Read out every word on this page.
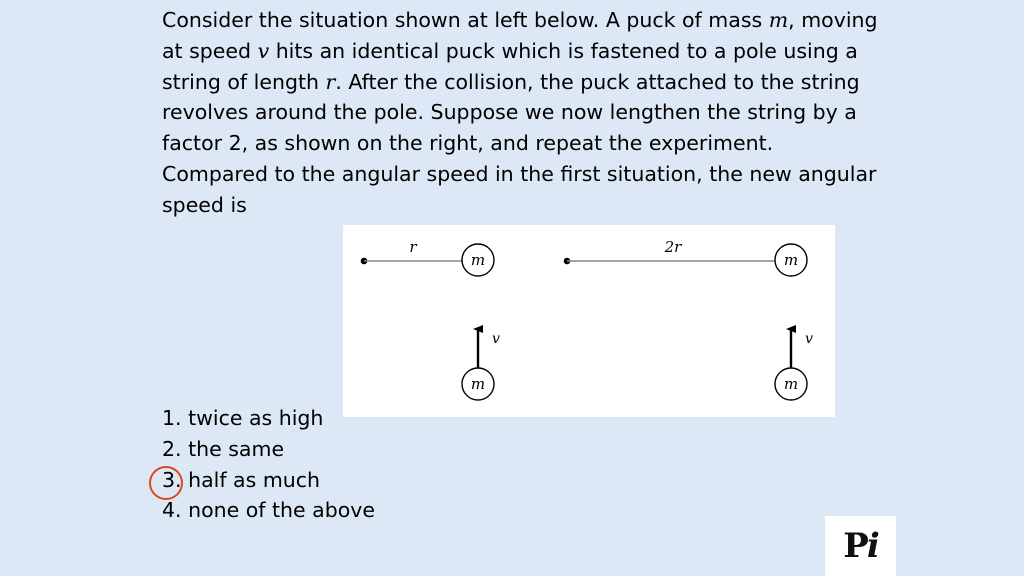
Consider the situation shown at left below. A puck of mass m, moving at speed v hits an identical puck which is fastened to a pole using a string of length r. After the collision, the puck attached to the string revolves around the pole. Suppose we now lengthen the string by a factor 2, as shown on the right, and repeat the experiment. Compared to the angular speed in the first situation, the new angular speed is
r
m
v
m
2r
m
v
m
1. twice as high
2. the same
3. half as much
4. none of the above
Pi
